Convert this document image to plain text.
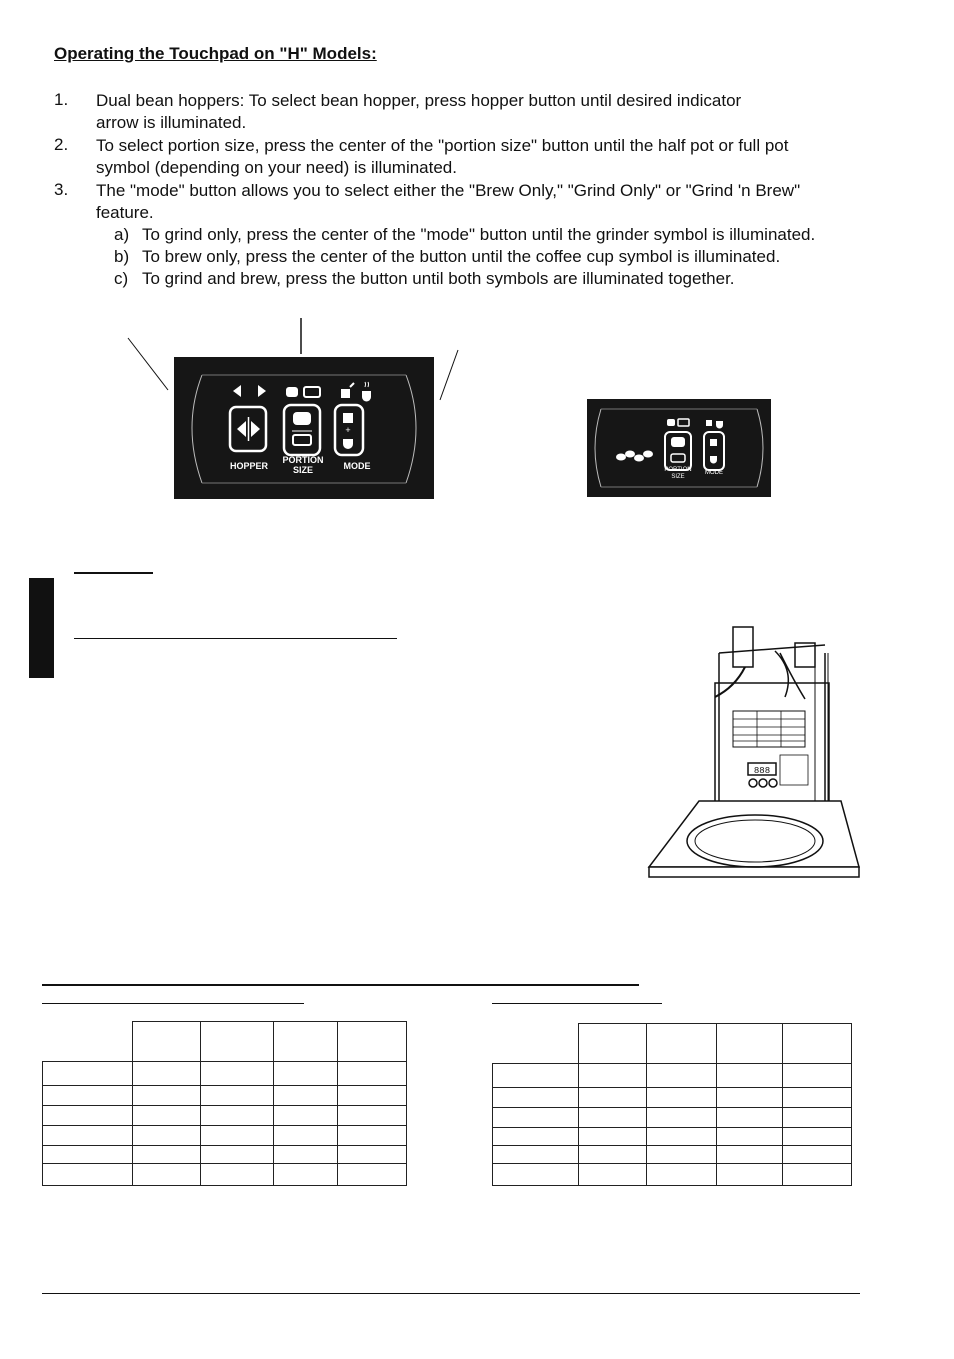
Operating the Touchpad on "H" Models:
1. Dual bean hoppers: To select bean hopper, press hopper button until desired indicator
arrow is illuminated.
2. To select portion size, press the center of the "portion size" button until the half pot or full pot
symbol (depending on your need) is illuminated.
3. The "mode" button allows you to select either the "Brew Only," "Grind Only" or "Grind 'n Brew"
feature.
a) To grind only, press the center of the "mode" button until the grinder symbol is illuminated.
b) To brew only, press the center of the button until the coffee cup symbol is illuminated.
c) To grind and brew, press the button until both symbols are illuminated together.
+
HOPPER
PORTION
SIZE	MODE	PORTION
SIZE
MODE
888
